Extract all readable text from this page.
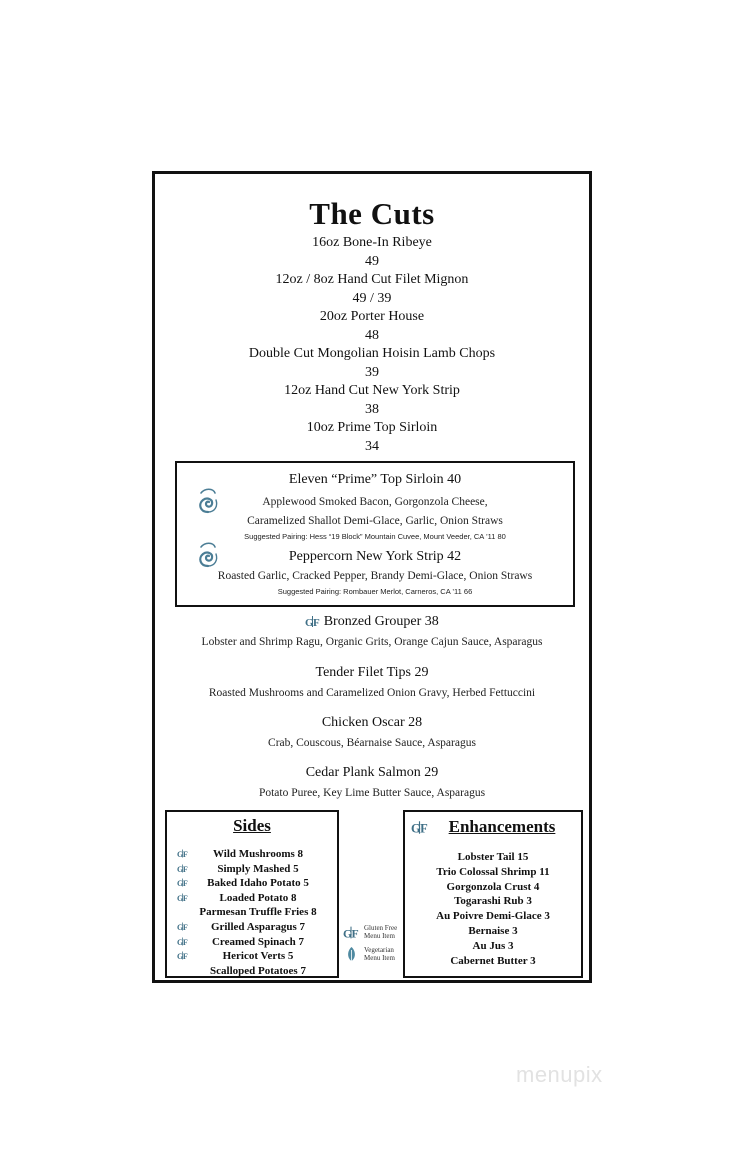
The Cuts
16oz Bone-In Ribeye
49
12oz / 8oz Hand Cut Filet Mignon
49 / 39
20oz Porter House
48
Double Cut Mongolian Hoisin Lamb Chops
39
12oz Hand Cut New York Strip
38
10oz Prime Top Sirloin
34
Eleven “Prime” Top Sirloin 40
Applewood Smoked Bacon, Gorgonzola Cheese,
Caramelized Shallot Demi-Glace, Garlic, Onion Straws
Suggested Pairing: Hess “19 Block” Mountain Cuvee, Mount Veeder, CA ’11 80
Peppercorn New York Strip 42
Roasted Garlic, Cracked Pepper, Brandy Demi-Glace, Onion Straws
Suggested Pairing: Rombauer Merlot, Carneros, CA ’11 66
G F Bronzed Grouper 38
Lobster and Shrimp Ragu, Organic Grits, Orange Cajun Sauce, Asparagus
Tender Filet Tips 29
Roasted Mushrooms and Caramelized Onion Gravy, Herbed Fettuccini
Chicken Oscar 28
Crab, Couscous, Béarnaise Sauce, Asparagus
Cedar Plank Salmon 29
Potato Puree, Key Lime Butter Sauce, Asparagus
Sides
G F	Wild Mushrooms 8
G F	Simply Mashed 5
G F	Baked Idaho Potato 5
G F	Loaded Potato 8
Parmesan Truffle Fries 8
G F	Grilled Asparagus 7
G F	Creamed Spinach 7
G F	Hericot Verts 5
Scalloped Potatoes 7
G F Gluten Free
Menu Item
Vegetarian
Menu Item
G F	Enhancements
Lobster Tail 15
Trio Colossal Shrimp 11
Gorgonzola Crust 4
Togarashi Rub 3
Au Poivre Demi-Glace 3
Bernaise 3
Au Jus 3
Cabernet Butter 3
menupix
